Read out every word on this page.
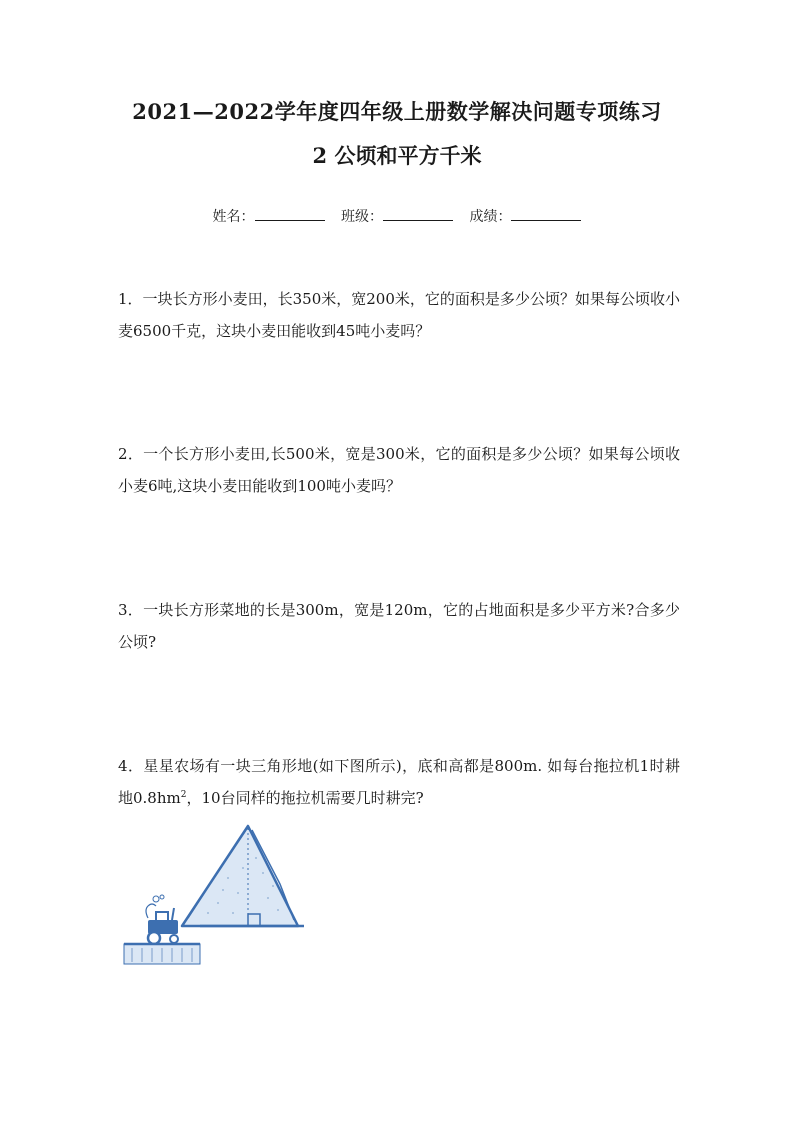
2021—2022学年度四年级上册数学解决问题专项练习
2 公顷和平方千米
姓名：	班级：	成绩：
1．一块长方形小麦田，长350米，宽200米，它的面积是多少公顷？如果每公顷收小麦6500千克，这块小麦田能收到45吨小麦吗？
2．一个长方形小麦田,长500米，宽是300米，它的面积是多少公顷？如果每公顷收小麦6吨,这块小麦田能收到100吨小麦吗？
3．一块长方形菜地的长是300m，宽是120m，它的占地面积是多少平方米?合多少公顷?
4．星星农场有一块三角形地(如下图所示)，底和高都是800m. 如每台拖拉机1时耕地$0.8hm^2$，10台同样的拖拉机需要几时耕完?
